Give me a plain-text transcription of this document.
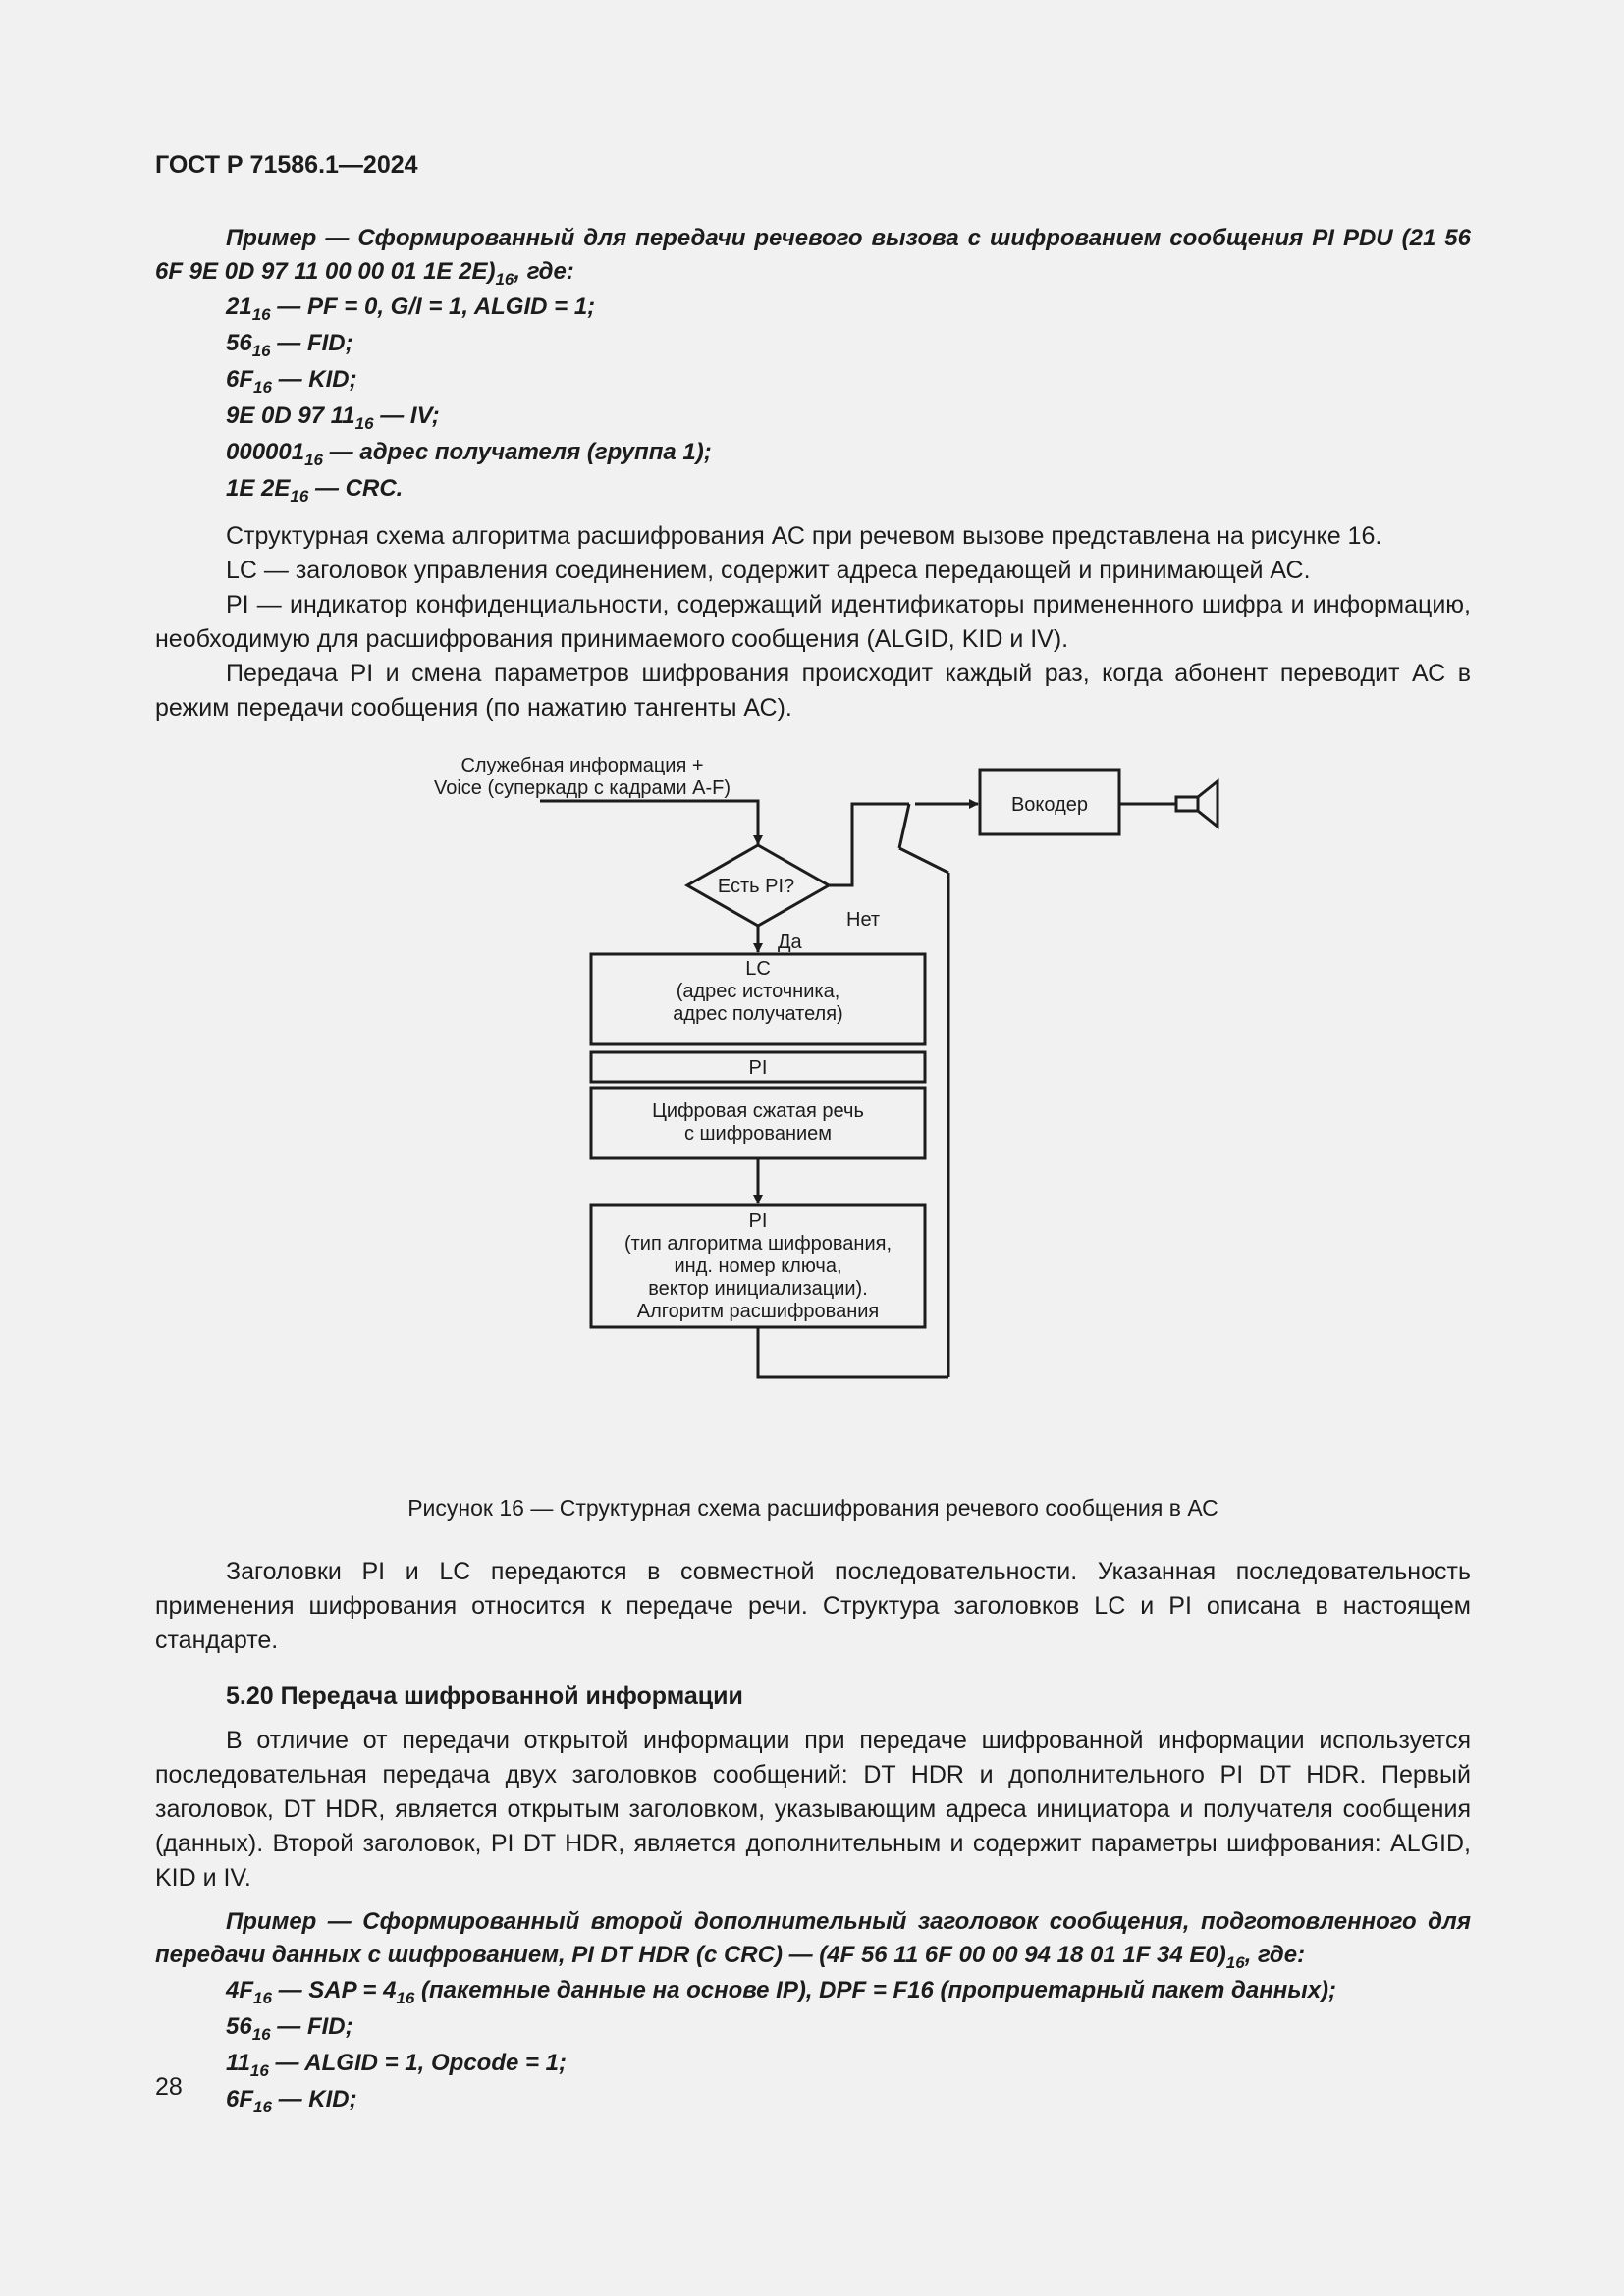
ГОСТ Р 71586.1—2024

Пример — Сформированный для передачи речевого вызова с шифрованием сообщения PI PDU (21 56 6F 9E 0D 97 11 00 00 01 1E $2E)_{16}$, где:

$21_{16}$ — PF = 0, G/I = 1, ALGID = 1;

$56_{16}$ — FID;

$6F_{16}$ — KID;

9E 0D 97 $11_{16}$ — IV;

$000001_{16}$ — адрес получателя (группа 1);

1E $2E_{16}$ — CRC.

Структурная схема алгоритма расшифрования АС при речевом вызове представлена на рисунке 16.

LC — заголовок управления соединением, содержит адреса передающей и принимающей АС.

PI — индикатор конфиденциальности, содержащий идентификаторы примененного шифра и информацию, необходимую для расшифрования принимаемого сообщения (ALGID, KID и IV).

Передача PI и смена параметров шифрования происходит каждый раз, когда абонент переводит АС в режим передачи сообщения (по нажатию тангенты АС).

Служебная информация +
Voice (суперкадр с кадрами A-F)
Вокодер
Есть PI?
LC
(адрес источника,
адрес получателя)
PI
Цифровая сжатая речь
с шифрованием
PI
(тип алгоритма шифрования,
инд. номер ключа,
вектор инициализации).
Алгоритм расшифрования
Нет
Да

Рисунок 16 — Структурная схема расшифрования речевого сообщения в АС

Заголовки PI и LC передаются в совместной последовательности. Указанная последовательность применения шифрования относится к передаче речи. Структура заголовков LC и PI описана в настоящем стандарте.

5.20 Передача шифрованной информации

В отличие от передачи открытой информации при передаче шифрованной информации используется последовательная передача двух заголовков сообщений: DT HDR и дополнительного PI DT HDR. Первый заголовок, DT HDR, является открытым заголовком, указывающим адреса инициатора и получателя сообщения (данных). Второй заголовок, PI DT HDR, является дополнительным и содержит параметры шифрования: ALGID, KID и IV.

Пример — Сформированный второй дополнительный заголовок сообщения, подготовленного для передачи данных с шифрованием, PI DT HDR (с CRC) — (4F 56 11 6F 00 00 94 18 01 1F 34 $E0)_{16}$, где:

$4F_{16}$ — SAP = $4_{16}$ (пакетные данные на основе IP), DPF = F16 (проприетарный пакет данных);

$56_{16}$ — FID;

$11_{16}$ — ALGID = 1, Opcode = 1;

$6F_{16}$ — KID;

28
